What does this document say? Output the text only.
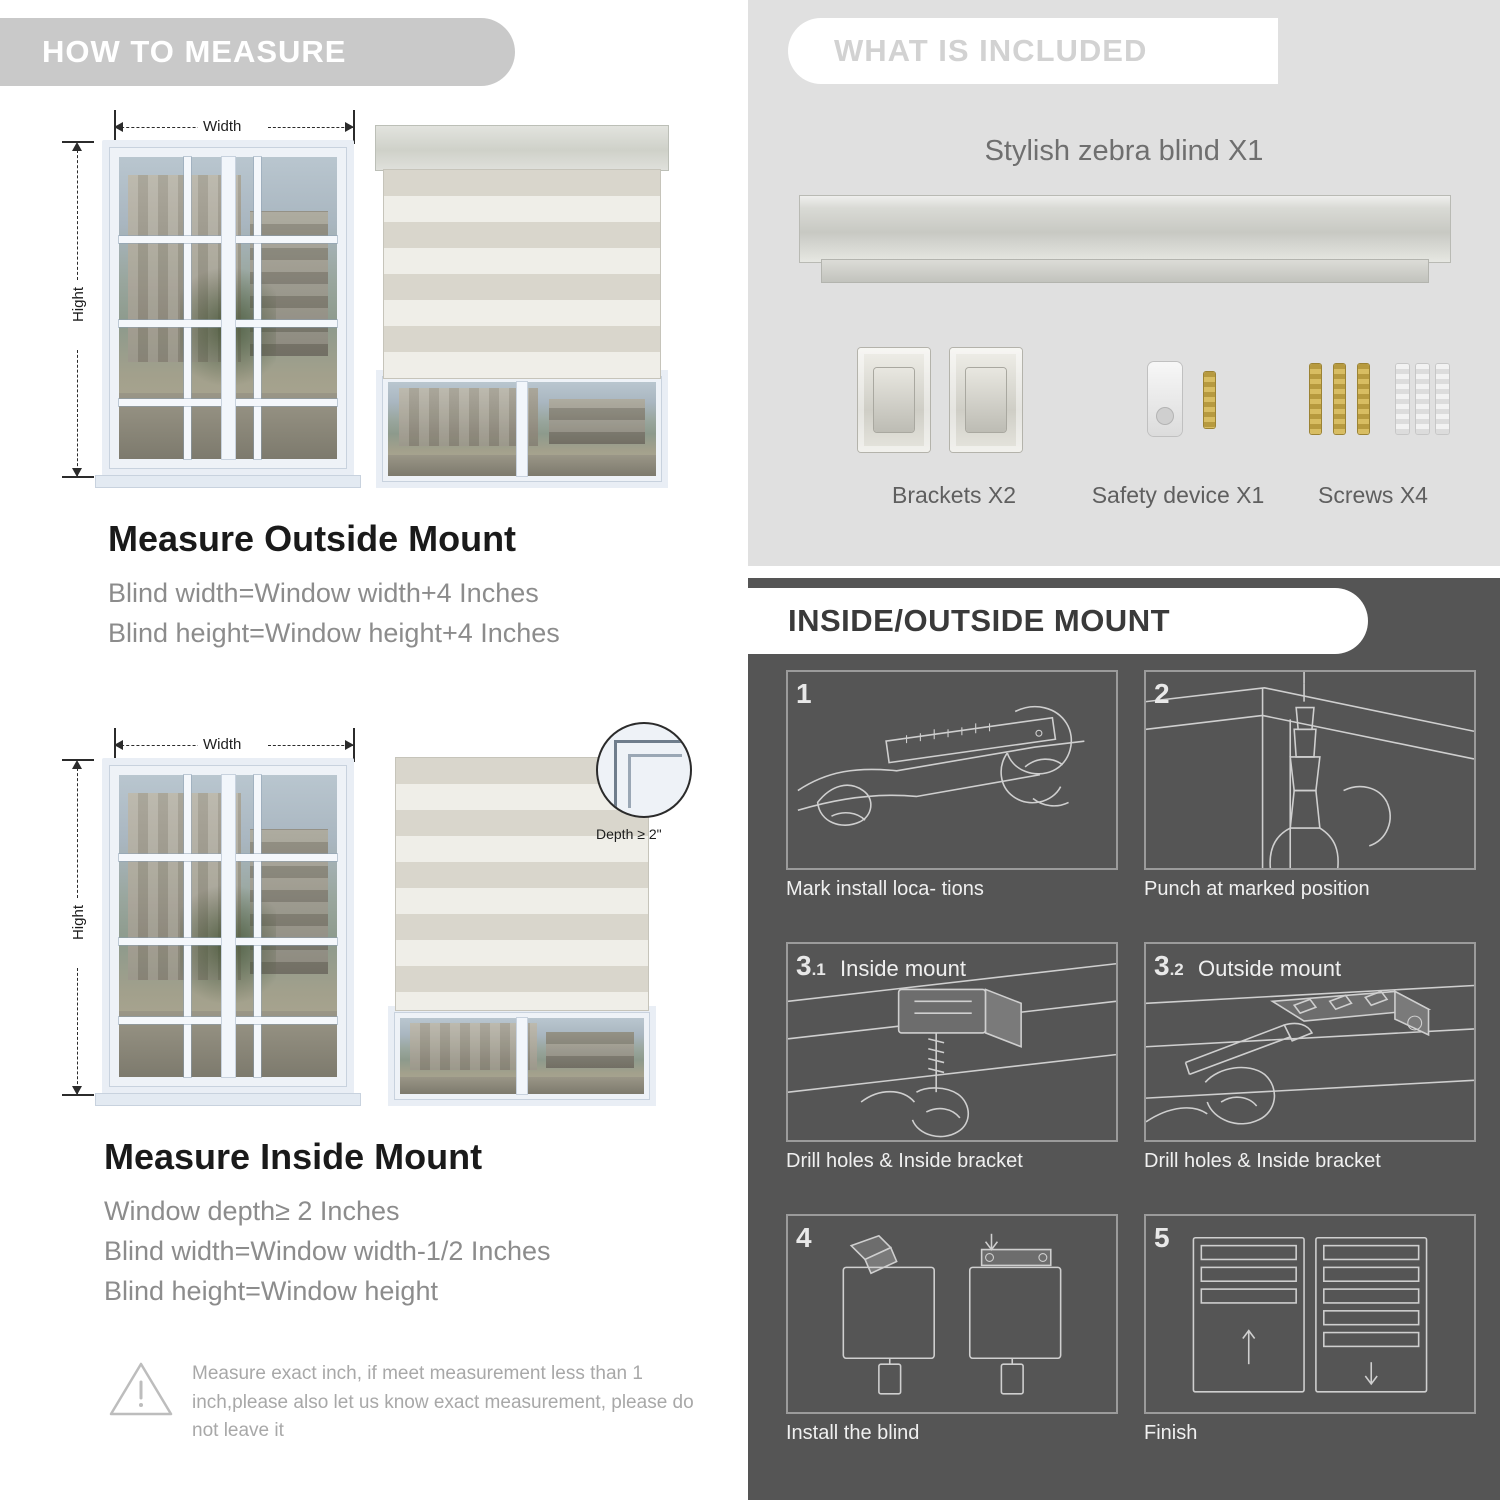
HOW TO MEASURE
Width
Hight

Measure Outside Mount

Blind width=Window width+4 Inches

Blind height=Window height+4 Inches

Width
Hight
Depth ≥ 2"

Measure Inside Mount

Window depth≥ 2 Inches

Blind width=Window width-1/2 Inches

Blind height=Window height

Measure exact inch, if meet measurement less than 1 inch,please also let us know exact measurement, please do not leave it
WHAT IS INCLUDED
Stylish zebra blind X1
Brackets X2	Safety device X1	Screws X4
INSIDE/OUTSIDE MOUNT
1
Mark install loca- tions
2
Punch at marked position
3.1 Inside mount
Drill holes & Inside bracket
3.2 Outside mount
Drill holes & Inside bracket
4
Install the blind
5
Finish
